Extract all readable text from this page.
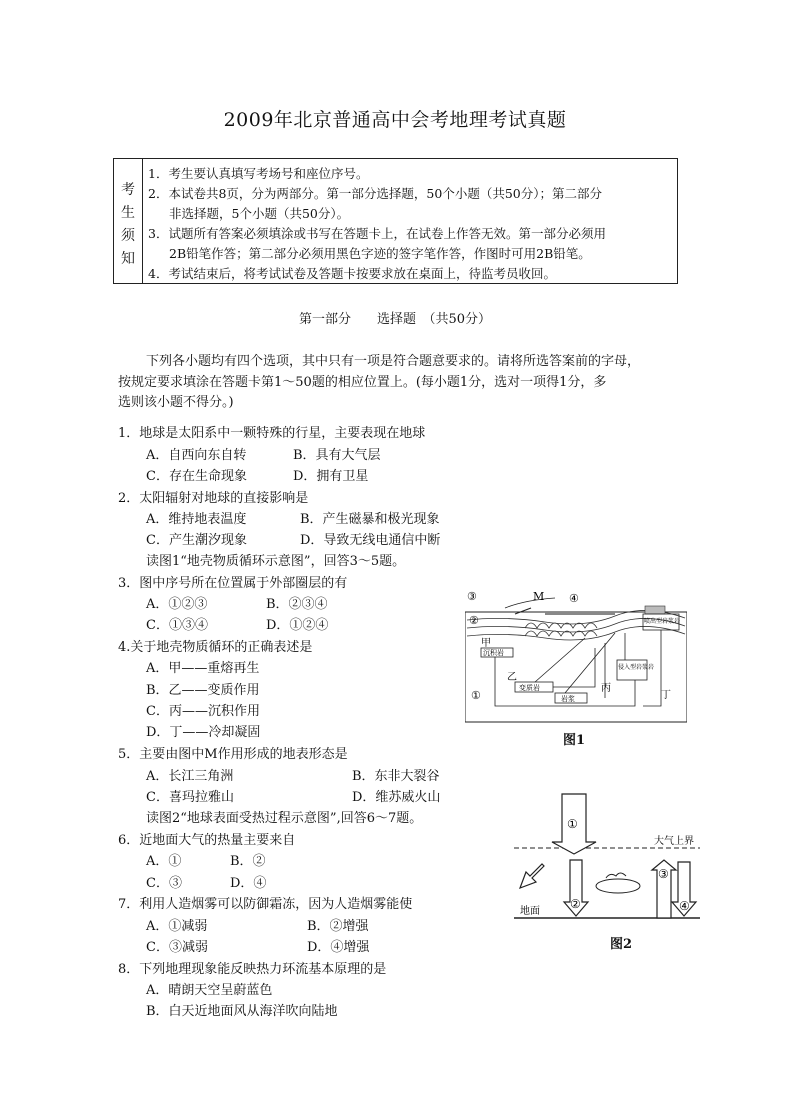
2009年北京普通高中会考地理考试真题
考
生
须
知
1．考生要认真填写考场号和座位序号。
2．本试卷共8页，分为两部分。第一部分选择题，50个小题（共50分）；第二部分
非选择题，5个小题（共50分）。
3．试题所有答案必须填涂或书写在答题卡上，在试卷上作答无效。第一部分必须用
2B铅笔作答；第二部分必须用黑色字迹的签字笔作答，作图时可用2B铅笔。
4．考试结束后，将考试试卷及答题卡按要求放在桌面上，待监考员收回。
第一部分　　选择题　（共50分）
下列各小题均有四个选项，其中只有一项是符合题意要求的。请将所选答案前的字母，
按规定要求填涂在答题卡第1～50题的相应位置上。(每小题1分，选对一项得1分，多
选则该小题不得分。)
1．地球是太阳系中一颗特殊的行星，主要表现在地球
A．自西向东自转	B．具有大气层
C．存在生命现象	D．拥有卫星
2．太阳辐射对地球的直接影响是
A．维持地表温度	B．产生磁暴和极光现象
C．产生潮汐现象	D．导致无线电通信中断
读图1“地壳物质循环示意图”，回答3～5题。
3．图中序号所在位置属于外部圈层的有
A．①②③	B．②③④
C．①③④	D．①②④
4.关于地壳物质循环的正确表述是
A．甲——重熔再生
B．乙——变质作用
C．丙——沉积作用
D．丁——冷却凝固
5．主要由图中M作用形成的地表形态是
A．长江三角洲	B．东非大裂谷
C．喜玛拉雅山	D．维苏威火山
读图2“地球表面受热过程示意图”,回答6～7题。
6．近地面大气的热量主要来自
A．①	B．②
C．③	D．④
7．利用人造烟雾可以防御霜冻，因为人造烟雾能使
A．①减弱	B．②增强
C．③减弱	D．④增强
8．下列地理现象能反映热力环流基本原理的是
A．晴朗天空呈蔚蓝色
B．白天近地面风从海洋吹向陆地
③	M ④
②
①
甲
沉积岩
乙
变质岩
岩浆
丙
丁
侵入型岩浆岩
喷出型岩浆岩
图1
①
②
③
④
大气上界
地面
图2
